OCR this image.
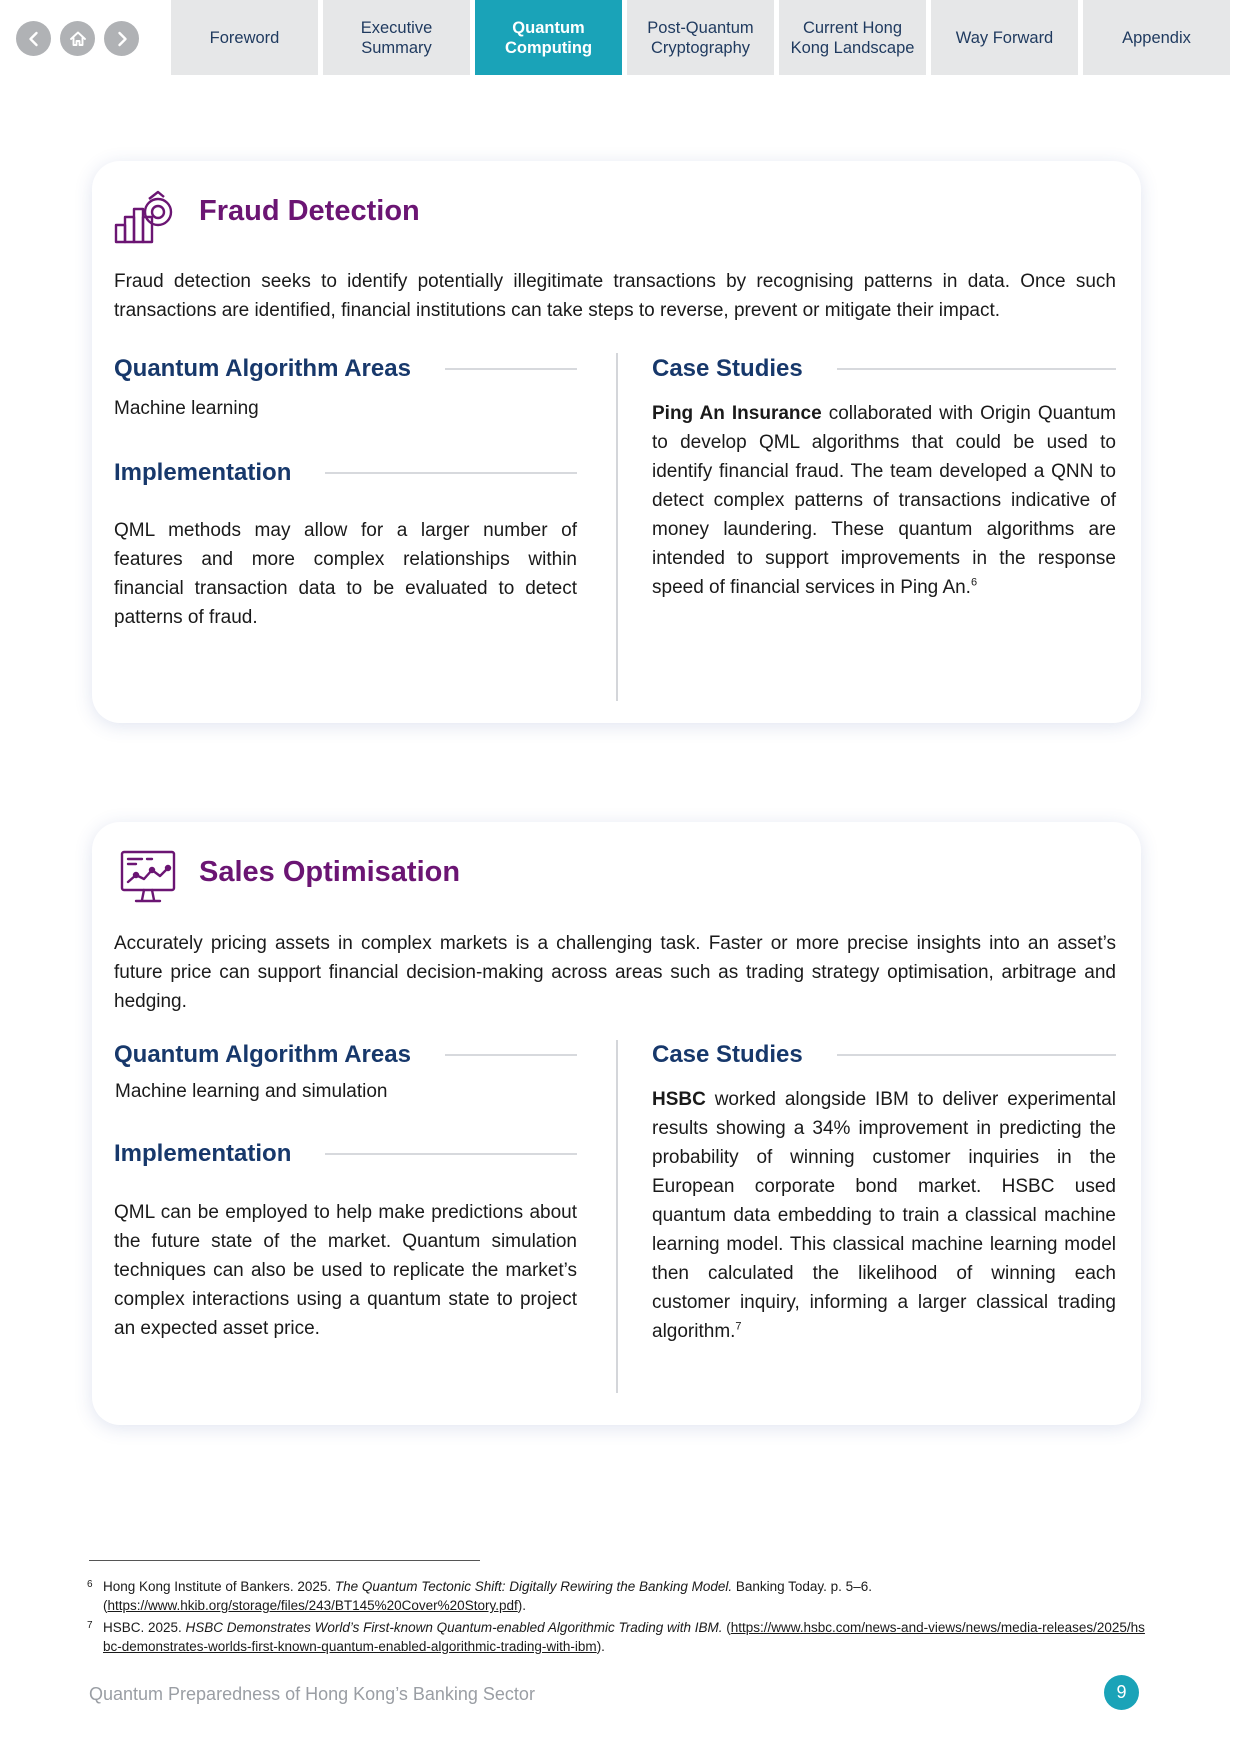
Foreword
Executive
Summary
Quantum
Computing
Post-Quantum
Cryptography
Current Hong
Kong Landscape
Way Forward	Appendix
Fraud Detection

Fraud detection seeks to identify potentially illegitimate transactions by recognising patterns in data. Once such transactions are identified, financial institutions can take steps to reverse, prevent or mitigate their impact.

Quantum Algorithm Areas

Machine learning

Implementation

QML methods may allow for a larger number of features and more complex relationships within financial transaction data to be evaluated to detect patterns of fraud.

Case Studies

Ping An Insurance collaborated with Origin Quantum to develop QML algorithms that could be used to identify financial fraud. The team developed a QNN to detect complex patterns of transactions indicative of money laundering. These quantum algorithms are intended to support improvements in the response speed of financial services in Ping An.$^6$

Sales Optimisation

Accurately pricing assets in complex markets is a challenging task. Faster or more precise insights into an asset’s future price can support financial decision-making across areas such as trading strategy optimisation, arbitrage and hedging.

Quantum Algorithm Areas

Machine learning and simulation

Implementation

QML can be employed to help make predictions about the future state of the market. Quantum simulation techniques can also be used to replicate the market’s complex interactions using a quantum state to project an expected asset price.

Case Studies

HSBC worked alongside IBM to deliver experimental results showing a 34% improvement in predicting the probability of winning customer inquiries in the European corporate bond market. HSBC used quantum data embedding to train a classical machine learning model. This classical machine learning model then calculated the likelihood of winning each customer inquiry, informing a larger classical trading algorithm.$^7$

6 Hong Kong Institute of Bankers. 2025. The Quantum Tectonic Shift: Digitally Rewiring the Banking Model. Banking Today. p. 5–6.
(https://www.hkib.org/storage/files/243/BT145%20Cover%20Story.pdf).
7 HSBC. 2025. HSBC Demonstrates World’s First-known Quantum-enabled Algorithmic Trading with IBM. (https://www.hsbc.com/news-and-views/news/media-releases/2025/hsbc-demonstrates-worlds-first-known-quantum-enabled-algorithmic-trading-with-ibm).
Quantum Preparedness of Hong Kong’s Banking Sector	9
